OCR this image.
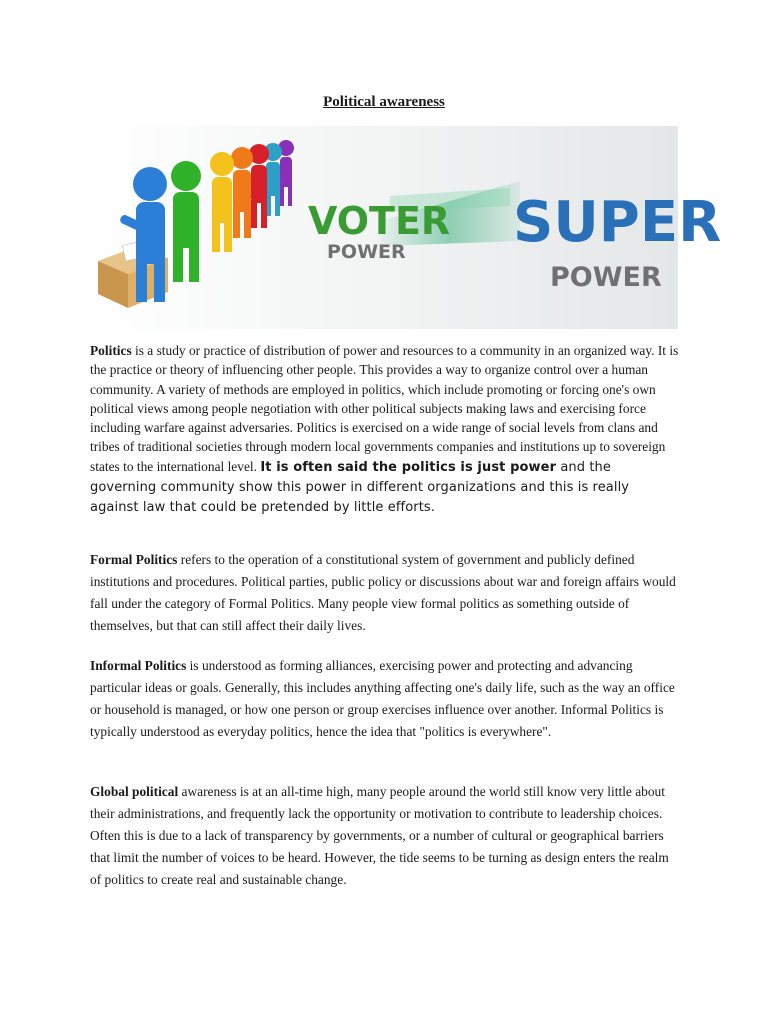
Political awareness
VOTER
POWER SUPER
POWER

Politics is a study or practice of distribution of power and resources to a community in an organized way. It is the practice or theory of influencing other people. This provides a way to organize control over a human community. A variety of methods are employed in politics, which include promoting or forcing one's own political views among people negotiation with other political subjects making laws and exercising force including warfare against adversaries. Politics is exercised on a wide range of social levels from clans and tribes of traditional societies through modern local governments companies and institutions up to sovereign states to the international level. It is often said the politics is just power and the governing community show this power in different organizations and this is really against law that could be pretended by little efforts.

Formal Politics refers to the operation of a constitutional system of government and publicly defined institutions and procedures. Political parties, public policy or discussions about war and foreign affairs would fall under the category of Formal Politics. Many people view formal politics as something outside of themselves, but that can still affect their daily lives.

Informal Politics is understood as forming alliances, exercising power and protecting and advancing particular ideas or goals. Generally, this includes anything affecting one's daily life, such as the way an office or household is managed, or how one person or group exercises influence over another. Informal Politics is typically understood as everyday politics, hence the idea that "politics is everywhere".

Global political awareness is at an all-time high, many people around the world still know very little about their administrations, and frequently lack the opportunity or motivation to contribute to leadership choices. Often this is due to a lack of transparency by governments, or a number of cultural or geographical barriers that limit the number of voices to be heard. However, the tide seems to be turning as design enters the realm of politics to create real and sustainable change.
